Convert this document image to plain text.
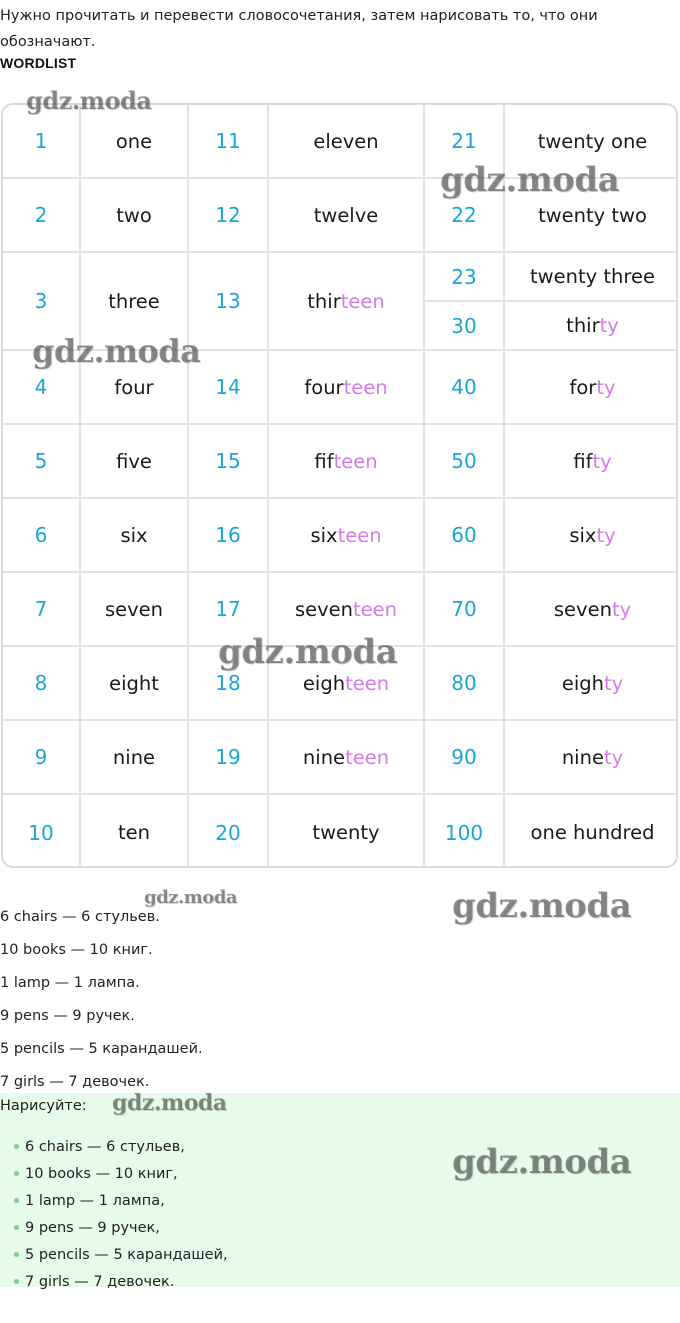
Нужно прочитать и перевести словосочетания, затем нарисовать то, что они обозначают.
WORDLIST
1	one	11	eleven	21	twenty one
2	two	12	twelve	22	twenty two
3	three	13	thir teen
23	twenty three
30	thir ty
4	four	14	four teen	40	for ty
5	five	15	fif teen	50	fif ty
6	six	16	six teen	60	six ty
7	seven	17	seven teen	70	seven ty
8	eight	18	eigh teen	80	eigh ty
9	nine	19	nine teen	90	nine ty
10	ten	20	twenty	100	one hundred
6 chairs — 6 стульев.
10 books — 10 книг.
1 lamp — 1 лампа.
9 pens — 9 ручек.
5 pencils — 5 карандашей.
7 girls — 7 девочек.
Нарисуйте:
6 chairs — 6 стульев,
10 books — 10 книг,
1 lamp — 1 лампа,
9 pens — 9 ручек,
5 pencils — 5 карандашей,
7 girls — 7 девочек.
gdz.moda
gdz.moda
gdz.moda
gdz.moda
gdz.moda	gdz.moda
gdz.moda
gdz.moda
